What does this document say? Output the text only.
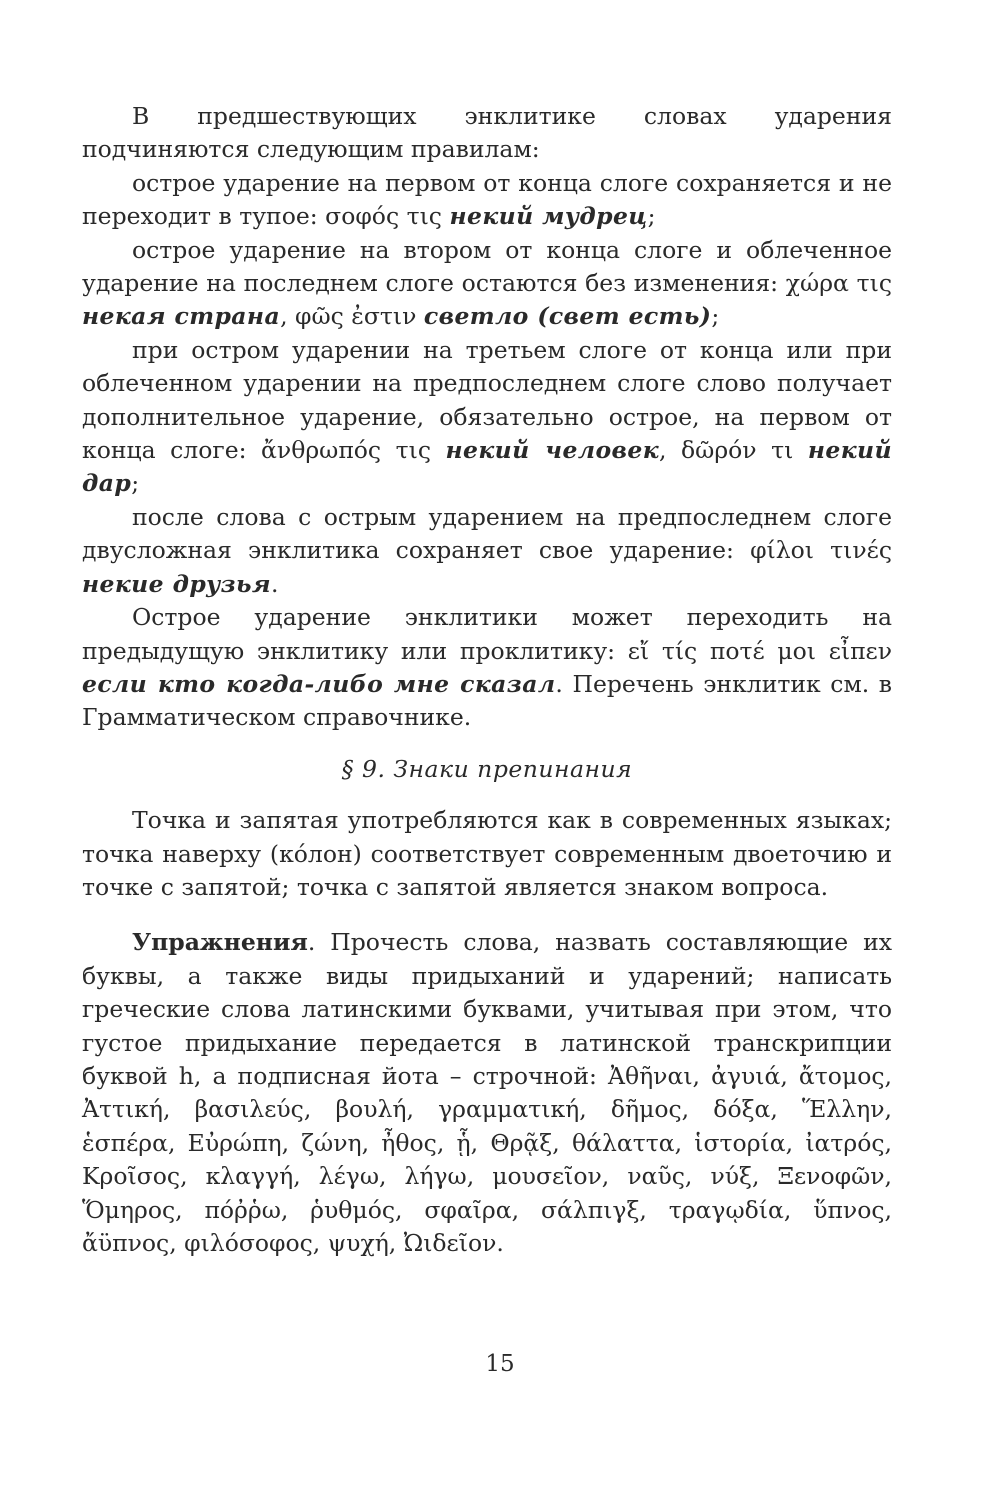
В предшествующих энклитике словах ударения подчиняются следующим правилам:

острое ударение на первом от конца слоге сохраняется и не переходит в тупое: σοφός τις некий мудрец;

острое ударение на втором от конца слоге и облеченное ударение на последнем слоге остаются без изменения: χώρα τις некая страна, φῶς ἐστιν светло (свет есть);

при остром ударении на третьем слоге от конца или при облеченном ударении на предпоследнем слоге слово получает дополнительное ударение, обязательно острое, на первом от конца слоге: ἄνθρωπός τις некий человек, δῶρόν τι некий дар;

после слова с острым ударением на предпоследнем слоге двусложная энклитика сохраняет свое ударение: φίλοι τινές некие друзья.

Острое ударение энклитики может переходить на предыдущую энклитику или проклитику: εἴ τίς ποτέ μοι εἶπεν если кто когда-либо мне сказал. Перечень энклитик см. в Грамматическом справочнике.

§ 9. Знаки препинания

Точка и запятая употребляются как в современных языках; точка наверху (кóлон) соответствует современным двоеточию и точке с запятой; точка с запятой является знаком вопроса.

Упражнения. Прочесть слова, назвать составляющие их буквы, а также виды придыханий и ударений; написать греческие слова латинскими буквами, учитывая при этом, что густое придыхание передается в латинской транскрипции буквой h, а подписная йота – строчной: Ἀθῆναι, ἀγυιά, ἄτομος, Ἀττική, βασιλεύς, βουλή, γραμματική, δῆμος, δόξα, Ἕλλην, ἑσπέρα, Εὐρώπη, ζώνη, ἦθος, ᾗ, Θρᾷξ, θάλαττα, ἱστορία, ἰατρός, Κροῖσος, κλαγγή, λέγω, λήγω, μουσεῖον, ναῦς, νύξ, Ξενοφῶν, Ὅμηρος, πόῤῥω, ῥυθμός, σφαῖρα, σάλπιγξ, τραγῳδία, ὕπνος, ἄϋπνος, φιλόσοφος, ψυχή, Ὠιδεῖον.

15
